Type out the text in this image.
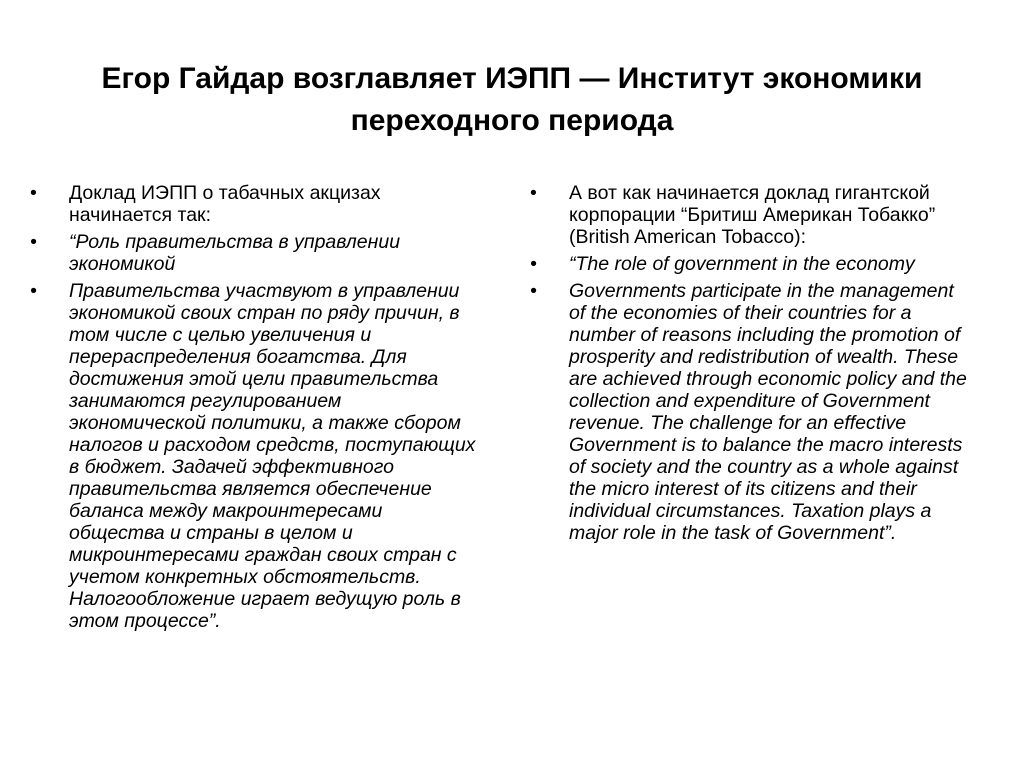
Егор Гайдар возглавляет ИЭПП — Институт экономики переходного периода
• Доклад ИЭПП о табачных акцизах начинается так:
• “Роль правительства в управлении экономикой
• Правительства участвуют в управлении экономикой своих стран по ряду причин, в том числе с целью увеличения и перераспределения богатства. Для достижения этой цели правительства занимаются регулированием экономической политики, а также сбором налогов и расходом средств, поступающих в бюджет. Задачей эффективного правительства является обеспечение баланса между макроинтересами общества и страны в целом и микроинтересами граждан своих стран с учетом конкретных обстоятельств. Налогообложение играет ведущую роль в этом процессе”.
• А вот как начинается доклад гигантской корпорации “Бритиш Американ Тобакко” (British American Tobacco):
• “The role of government in the economy
• Governments participate in the management of the economies of their countries for a number of reasons including the promotion of prosperity and redistribution of wealth. These are achieved through economic policy and the collection and expenditure of Government revenue. The challenge for an effective Government is to balance the macro interests of society and the country as a whole against the micro interest of its citizens and their individual circumstances. Taxation plays a major role in the task of Government”.
